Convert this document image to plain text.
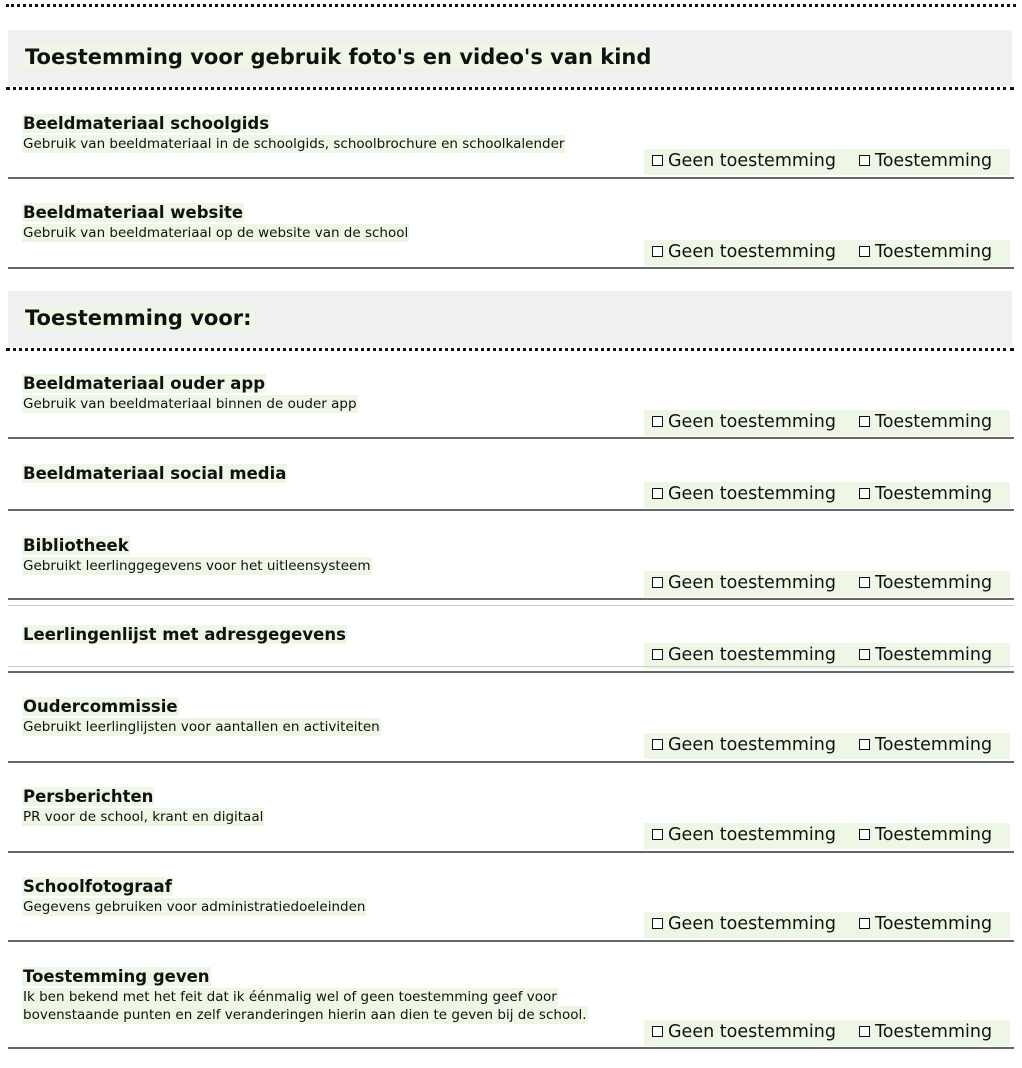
Toestemming voor gebruik foto's en video's van kind
Beeldmateriaal schoolgids
Gebruik van beeldmateriaal in de schoolgids, schoolbrochure en schoolkalender
Geen toestemming	Toestemming
Beeldmateriaal website
Gebruik van beeldmateriaal op de website van de school
Geen toestemming	Toestemming
Toestemming voor:
Beeldmateriaal ouder app
Gebruik van beeldmateriaal binnen de ouder app
Geen toestemming	Toestemming
Beeldmateriaal social media
Geen toestemming	Toestemming
Bibliotheek
Gebruikt leerlinggegevens voor het uitleensysteem
Geen toestemming	Toestemming
Leerlingenlijst met adresgegevens
Geen toestemming	Toestemming
Oudercommissie
Gebruikt leerlinglijsten voor aantallen en activiteiten
Geen toestemming	Toestemming
Persberichten
PR voor de school, krant en digitaal
Geen toestemming	Toestemming
Schoolfotograaf
Gegevens gebruiken voor administratiedoeleinden
Geen toestemming	Toestemming
Toestemming geven
Ik ben bekend met het feit dat ik éénmalig wel of geen toestemming geef voor
bovenstaande punten en zelf veranderingen hierin aan dien te geven bij de school.
Geen toestemming	Toestemming
